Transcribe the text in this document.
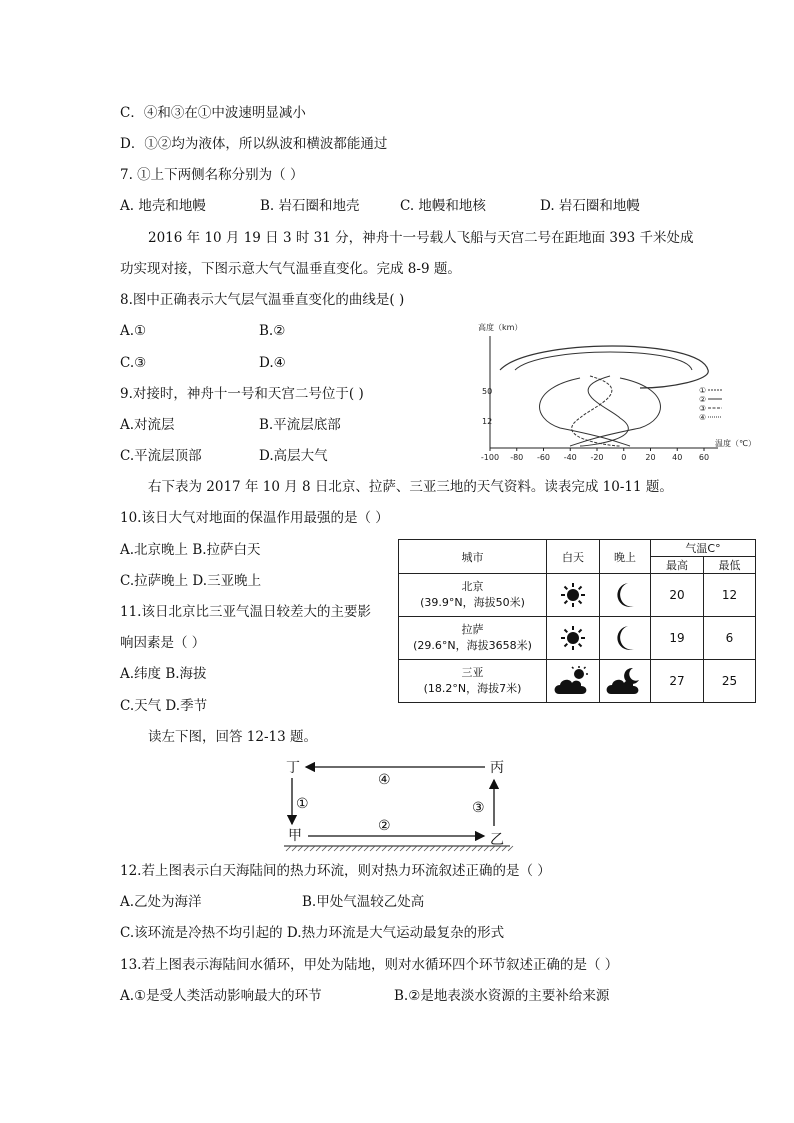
C．④和③在①中波速明显减小
D．①②均为液体，所以纵波和横波都能通过
7. ①上下两侧名称分别为（ ）
A. 地壳和地幔	B. 岩石圈和地壳	C. 地幔和地核	D. 岩石圈和地幔
2016 年 10 月 19 日 3 时 31 分，神舟十一号载人飞船与天宫二号在距地面 393 千米处成
功实现对接，下图示意大气气温垂直变化。完成 8-9 题。
8.图中正确表示大气层气温垂直变化的曲线是( )
A.①	B.②
C.③	D.④
9.对接时，神舟十一号和天宫二号位于( )
A.对流层	B.平流层底部
C.平流层顶部	D.高层大气
右下表为 2017 年 10 月 8 日北京、拉萨、三亚三地的天气资料。读表完成 10-11 题。
10.该日大气对地面的保温作用最强的是（ ）
A.北京晚上 B.拉萨白天
C.拉萨晚上 D.三亚晚上
11.该日北京比三亚气温日较差大的主要影
响因素是（ ）
A.纬度 B.海拔
C.天气 D.季节
读左下图，回答 12-13 题。
12.若上图表示白天海陆间的热力环流，则对热力环流叙述正确的是（ ）
A.乙处为海洋	B.甲处气温较乙处高
C.该环流是冷热不均引起的 D.热力环流是大气运动最复杂的形式
13.若上图表示海陆间水循环，甲处为陆地，则对水循环四个环节叙述正确的是（ ）
A.①是受人类活动影响最大的环节	B.②是地表淡水资源的主要补给来源
高度（km）
50
12
温度（℃）
-100 -80 -60 -40 -20 0 20 40 60
①
②
③
④
城市	白天	晚上	气温C°	
			最高	最低

北京
(39.9°N，海拔50米)			20	12

拉萨
(29.6°N，海拔3658米)			19	6

三亚
(18.2°N，海拔7米)			27	25
丁	丙
甲	乙
④
①	③
②
